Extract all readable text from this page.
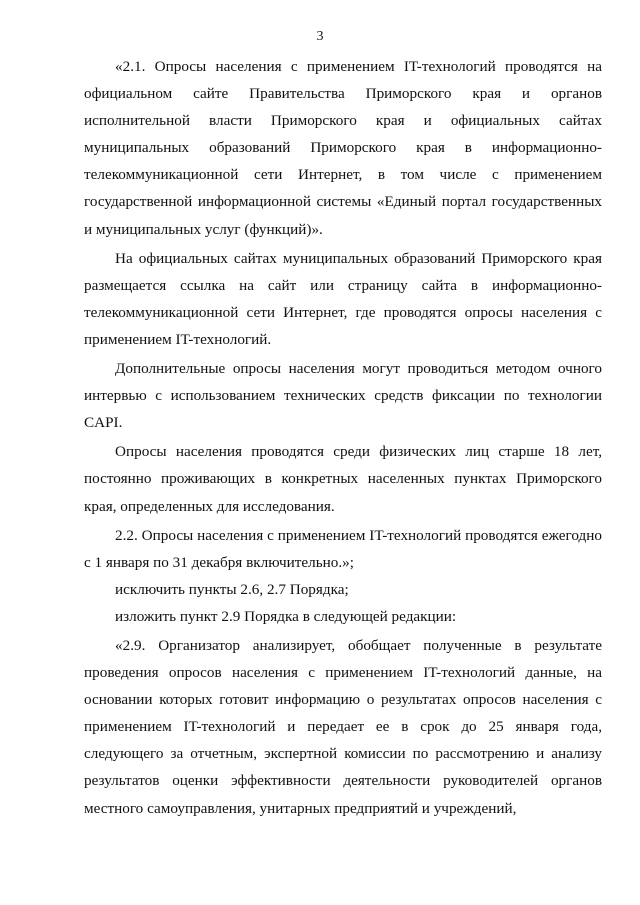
3

«2.1. Опросы населения с применением IT-технологий проводятся на официальном сайте Правительства Приморского края и органов исполнительной власти Приморского края и официальных сайтах муниципальных образований Приморского края в информационно-телекоммуникационной сети Интернет, в том числе с применением государственной информационной системы «Единый портал государственных и муниципальных услуг (функций)».

На официальных сайтах муниципальных образований Приморского края размещается ссылка на сайт или страницу сайта в информационно-телекоммуникационной сети Интернет, где проводятся опросы населения с применением IT-технологий.

Дополнительные опросы населения могут проводиться методом очного интервью с использованием технических средств фиксации по технологии CAPI.

Опросы населения проводятся среди физических лиц старше 18 лет, постоянно проживающих в конкретных населенных пунктах Приморского края, определенных для исследования.

2.2. Опросы населения с применением IT-технологий проводятся ежегодно с 1 января по 31 декабря включительно.»;

исключить пункты 2.6, 2.7 Порядка;

изложить пункт 2.9 Порядка в следующей редакции:

«2.9. Организатор анализирует, обобщает полученные в результате проведения опросов населения с применением IT-технологий данные, на основании которых готовит информацию о результатах опросов населения с применением IT-технологий и передает ее в срок до 25 января года, следующего за отчетным, экспертной комиссии по рассмотрению и анализу результатов оценки эффективности деятельности руководителей органов местного самоуправления, унитарных предприятий и учреждений,
